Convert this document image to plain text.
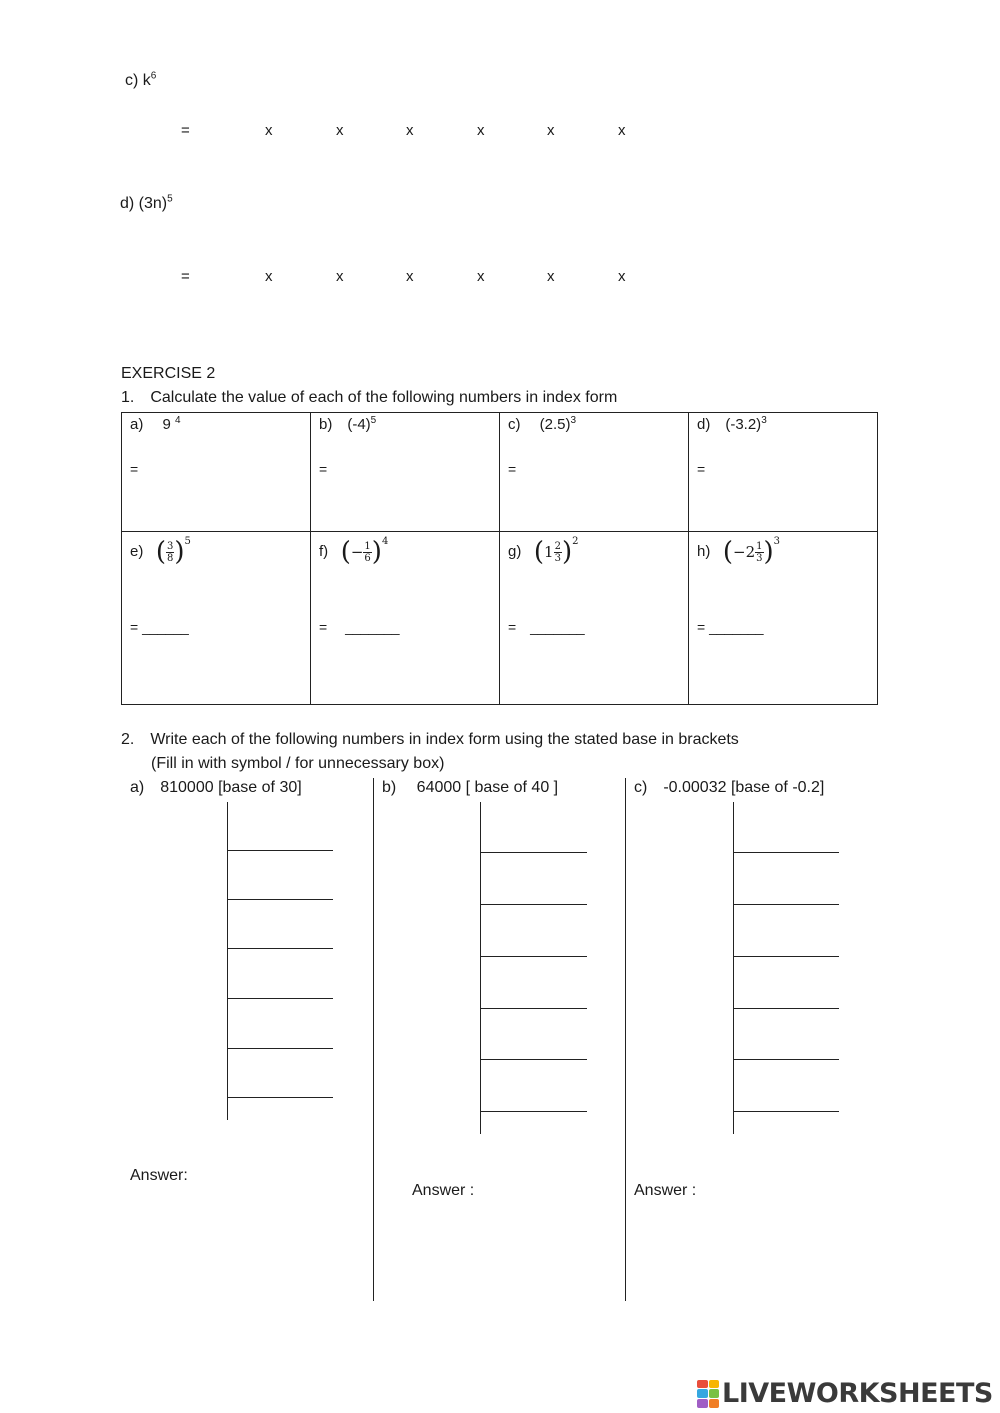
c) $k^6$
=	x	x	x	x	x	x
d) $(3n)^5$
=	x	x	x	x	x	x
EXERCISE 2
1. Calculate the value of each of the following numbers in index form
a)  9 $^4$
=
b) $(-4)^5$
=
c)  $(2.5)^3$
=
d) $(-3.2)^3$
=
e) ( $\frac{3}{8} )^5$
= ______
f) (− $\frac{1}{6} )^4$
=  _______
g) $(1 \frac{2}{3} )^2$
= _______
h) $(-2 \frac{1}{3} )^3$
= _______
2. Write each of the following numbers in index form using the stated base in brackets
(Fill in with symbol / for unnecessary box)
a) 810000 [base of 30]
Answer:
b)  64000 [ base of 40 ]
Answer :
c) -0.00032 [base of -0.2]
Answer :
LIVEWORKSHEETS
